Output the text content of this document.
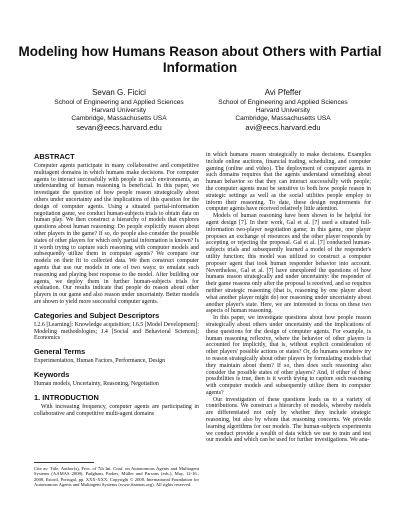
Modeling how Humans Reason about Others with Partial Information
Sevan G. Ficici
School of Engineering and Applied Sciences
Harvard University
Cambridge, Massachusetts USA
sevan@eecs.harvard.edu
Avi Pfeffer
School of Engineering and Applied Sciences
Harvard University
Cambridge, Massachusetts USA
avi@eecs.harvard.edu
ABSTRACT

Computer agents participate in many collaborative and competitive multiagent domains in which humans make decisions. For computer agents to interact successfully with people in such environments, an understanding of human reasoning is beneficial. In this paper, we investigate the question of how people reason strategically about others under uncertainty and the implications of this question for the design of computer agents. Using a situated partial-information negotiation game, we conduct human-subjects trials to obtain data on human play. We then construct a hierarchy of models that explores questions about human reasoning: Do people explicitly reason about other players in the game? If so, do people also consider the possible states of other players for which only partial information is known? Is it worth trying to capture such reasoning with computer models and subsequently utilize them in computer agents? We compare our models on their fit to collected data. We then construct computer agents that use our models in one of two ways: to emulate such reasoning and playing best response to the model. After building our agents, we deploy them in further human-subjects trials for evaluation. Our results indicate that people do reason about other players in our game and also reason under uncertainty. Better models are shown to yield more successful computer agents.

Categories and Subject Descriptors

I.2.6 [Learning]: Knowledge acquisition; I.6.5 [Model Development]: Modeling methodologies; J.4 [Social and Behavioral Sciences]: Economics

General Terms

Experimentation, Human Factors, Performance, Design

Keywords

Human models, Uncertainty, Reasoning, Negotiation

1. INTRODUCTION

With increasing frequency, computer agents are participating in collaborative and competitive multi-agent domains

Cite as: Title, Author(s), Proc. of 7th Int. Conf. on Autonomous Agents and Multiagent Systems (AAMAS 2008), Padgham, Parkes, Müller and Parsons (eds.), May, 12-16., 2008, Estoril, Portugal, pp. XXX-XXX. Copyright © 2008, International Foundation for Autonomous Agents and Multiagent Systems (www.ifaamas.org). All rights reserved.

in which humans reason strategically to make decisions. Examples include online auctions, financial trading, scheduling, and computer gaming (online and video). The deployment of computer agents in such domains requires that the agents understand something about human behavior so that they can interact successfully with people; the computer agents must be sensitive to both how people reason in strategic settings as well as the social utilities people employ to inform their reasoning. To date, these design requirements for computer agents have received relatively little attention.

Models of human reasoning have been shown to be helpful for agent design [7]. In their work, Gal et al. [7] used a situated full-information two-player negotiation game; in this game, one player proposes an exchange of resources and the other player responds by accepting or rejecting the proposal. Gal et al. [7] conducted human-subjects trials and subsequently learned a model of the responder's utility function; this model was utilized to construct a computer proposer agent that took human responder behavior into account. Nevertheless, Gal et al. [7] have unexplored the questions of how humans reason strategically and under uncertainty: the responder of their game reasons only after the proposal is received, and so requires neither strategic reasoning (that is, reasoning by one player about what another player might do) nor reasoning under uncertainty about another player's state. Here, we are interested to focus on these two aspects of human reasoning.

In this paper, we investigate questions about how people reason strategically about others under uncertainty and the implications of these questions for the design of computer agents. For example, is human reasoning reflexive, where the behavior of other players is accounted for implicitly, that is, without explicit consideration of other players' possible actions or states? Or, do humans somehow try to reason strategically about other players by formulating models that they maintain about them? If so, then does such reasoning also consider the possible states of other players? And, if either of these possibilities is true, then is it worth trying to capture such reasoning with computer models and subsequently utilize them in computer agents?

Our investigation of these questions leads us to a variety of contributions. We construct a hierarchy of models, whereby models are differentiated not only by whether they include strategic reasoning, but also by whom that reasoning concerns. We provide learning algorithms for our models. The human-subjects experiments we conduct provide a wealth of data which we use to train and test our models and which can be used for further investigations. We ana-
